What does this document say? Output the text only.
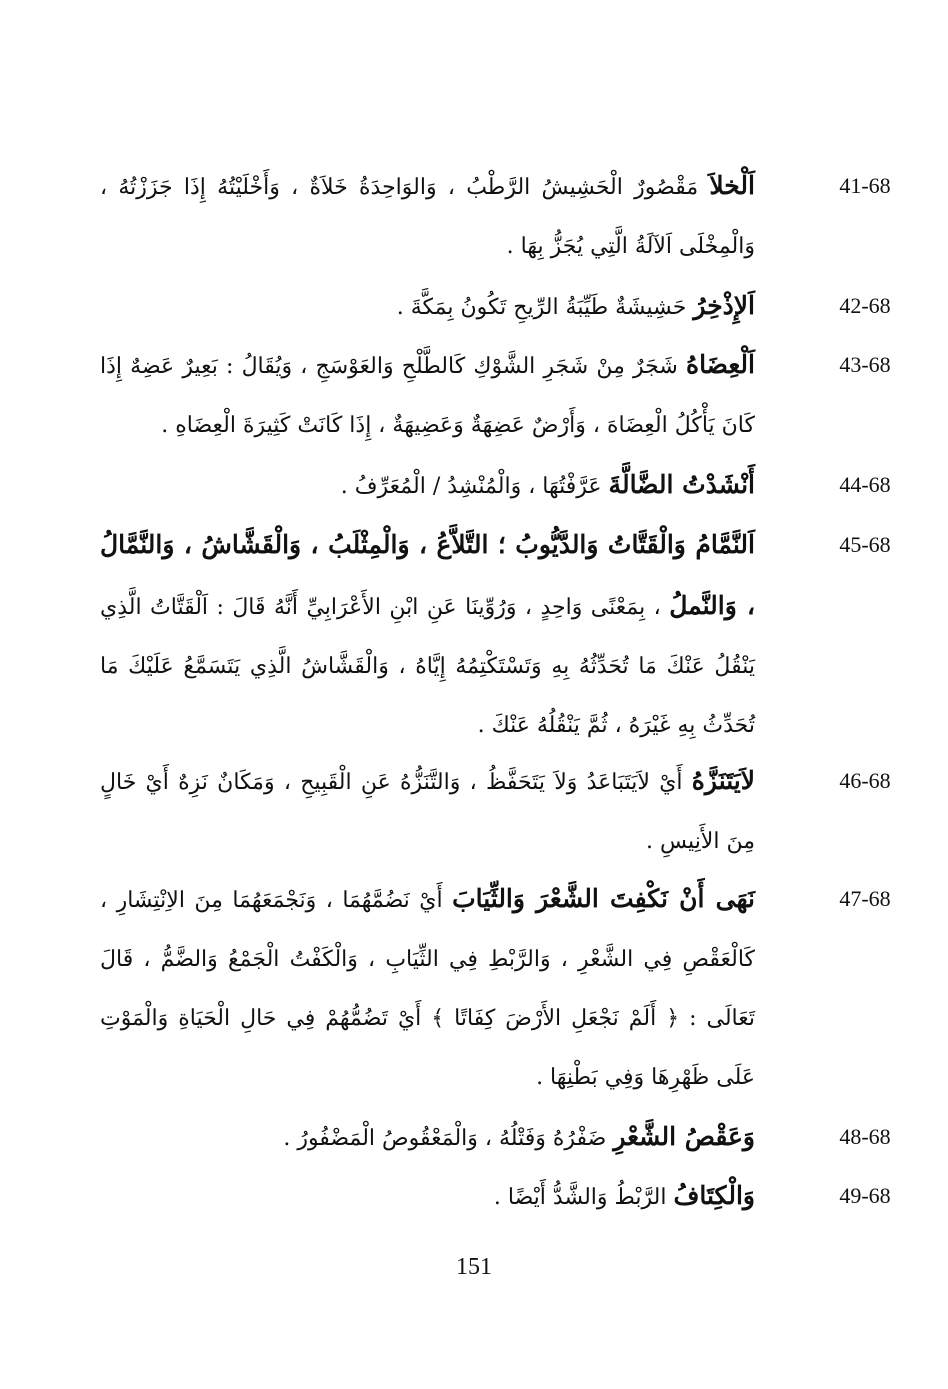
41-68
اَلْخلاَ مَقْصُورٌ الْحَشِيشُ الرَّطْبُ ، وَالوَاحِدَةُ خَلاَةٌ ، وَأَخْلَيْتُهُ إِذَا جَزَزْتُهُ ، وَالْمِخْلَى اَلآلَةُ الَّتِي يُجَزُّ بِهَا .
42-68
اَلإِذْخِرُ حَشِيشَةٌ طَيِّبَةُ الرِّيحِ تَكُونُ بِمَكَّةَ .
43-68
اَلْعِضَاهُ شَجَرٌ مِنْ شَجَرِ الشَّوْكِ كَالطَّلْحِ وَالعَوْسَجِ ، وَيُقَالُ : بَعِيرٌ عَضِهٌ إِذَا كَانَ يَأْكُلُ الْعِضَاهَ ، وَأَرْضٌ عَضِهَةٌ وَعَضِيهَةٌ ، إِذَا كَانَتْ كَثِيرَةَ الْعِضَاهِ .
44-68
أَنْشَدْتُ الضَّالَّةَ عَرَّفْتُهَا ، وَالْمُنْشِدُ / الْمُعَرِّفُ .
45-68
اَلنَّمَّامُ وَالْقَتَّاتُ وَالدَّيُّوبُ ؛ التَّلاَّعُ ، وَالْمِثْلَبُ ، وَالْقَشَّاشُ ، وَالنَّمَّالُ ، وَالنَّملُ ، بِمَعْنًى وَاحِدٍ ، وَرُوِّينَا عَنِ ابْنِ الأَعْرَابِيِّ أَنَّهُ قَالَ : اَلْقَتَّاتُ الَّذِي يَنْقُلُ عَنْكَ مَا تُحَدِّثُهُ بِهِ وَتَسْتَكْتِمُهُ إِيَّاهُ ، وَالْقَشَّاشُ الَّذِي يَتَسَمَّعُ عَلَيْكَ مَا تُحَدِّثُ بِهِ غَيْرَهُ ، ثُمَّ يَنْقُلُهُ عَنْكَ .
46-68
لاَيَتَنَزَّهُ أَيْ لاَيَتَبَاعَدُ وَلاَ يَتَحَفَّظُ ، وَالتَّنَزُّهُ عَنِ الْقَبِيحِ ، وَمَكَانٌ نَزِهٌ أَيْ خَالٍ مِنَ الأَنِيسِ .
47-68
نَهَى أَنْ نَكْفِتَ الشَّعْرَ وَالثِّيَابَ أَيْ نَضُمَّهُمَا ، وَنَجْمَعَهُمَا مِنَ الاِنْتِشَارِ ، كَالْعَقْصِ فِي الشَّعْرِ ، وَالرَّبْطِ فِي الثِّيَابِ ، وَالْكَفْتُ الْجَمْعُ وَالضَّمُّ ، قَالَ تَعَالَى : ﴿ أَلَمْ نَجْعَلِ الأَرْضَ كِفَاتًا ﴾ أَيْ تَضُمُّهُمْ فِي حَالِ الْحَيَاةِ وَالْمَوْتِ عَلَى ظَهْرِهَا وَفِي بَطْنِهَا .
48-68
وَعَقْصُ الشَّعْرِ ضَفْرُهُ وَفَتْلُهُ ، وَالْمَعْقُوصُ الْمَضْفُورُ .
49-68
وَالْكِتَافُ الرَّبْطُ وَالشَّدُّ أَيْضًا .
151
